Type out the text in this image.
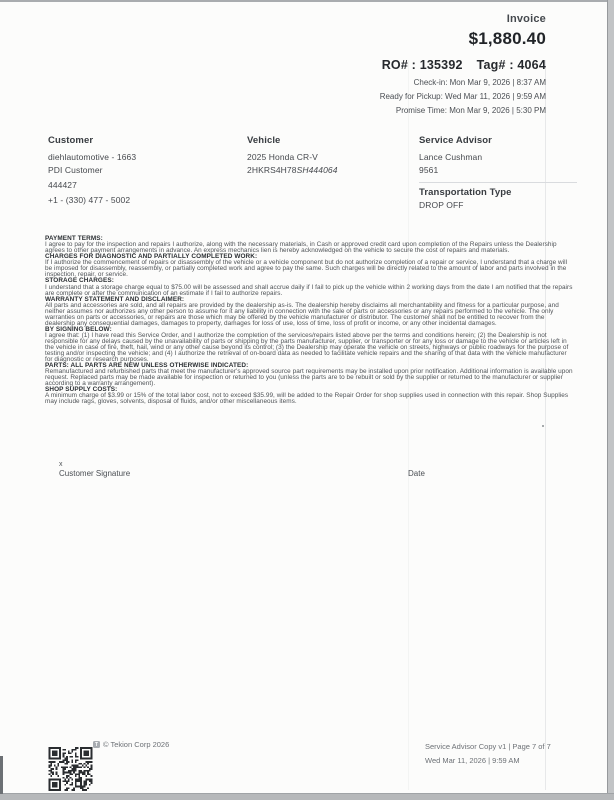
Invoice
$1,880.40
RO# : 135392 Tag# : 4064
Check-in: Mon Mar 9, 2026 | 8:37 AM
Ready for Pickup: Wed Mar 11, 2026 | 9:59 AM
Promise Time: Mon Mar 9, 2026 | 5:30 PM
Customer
diehlautomotive - 1663
PDI Customer
444427
+1 - (330) 477 - 5002
Vehicle
2025 Honda CR-V
2HKRS4H78SH444064
Service Advisor
Lance Cushman
9561
Transportation Type
DROP OFF
PAYMENT TERMS:
I agree to pay for the inspection and repairs I authorize, along with the necessary materials, in Cash or approved credit card upon completion of the Repairs unless the Dealership agrees to other payment arrangements in advance. An express mechanics lien is hereby acknowledged on the vehicle to secure the cost of repairs and materials.
CHARGES FOR DIAGNOSTIC AND PARTIALLY COMPLETED WORK:
If I authorize the commencement of repairs or disassembly of the vehicle or a vehicle component but do not authorize completion of a repair or service, I understand that a charge will be imposed for disassembly, reassembly, or partially completed work and agree to pay the same. Such charges will be directly related to the amount of labor and parts involved in the inspection, repair, or service.
STORAGE CHARGES:
I understand that a storage charge equal to $75.00 will be assessed and shall accrue daily if I fail to pick up the vehicle within 2 working days from the date I am notified that the repairs are complete or after the communication of an estimate if I fail to authorize repairs.
WARRANTY STATEMENT AND DISCLAIMER:
All parts and accessories are sold, and all repairs are provided by the dealership as-is. The dealership hereby disclaims all merchantability and fitness for a particular purpose, and neither assumes nor authorizes any other person to assume for it any liability in connection with the sale of parts or accessories or any repairs performed to the vehicle. The only warranties on parts or accessories, or repairs are those which may be offered by the vehicle manufacturer or distributor. The customer shall not be entitled to recover from the dealership any consequential damages, damages to property, damages for loss of use, loss of time, loss of profit or income, or any other incidental damages.
BY SIGNING BELOW:
I agree that: (1) I have read this Service Order, and I authorize the completion of the services/repairs listed above per the terms and conditions herein; (2) the Dealership is not responsible for any delays caused by the unavailability of parts or shipping by the parts manufacturer, supplier, or transporter or for any loss or damage to the vehicle or articles left in the vehicle in case of fire, theft, hail, wind or any other cause beyond its control; (3) the Dealership may operate the vehicle on streets, highways or public roadways for the purpose of testing and/or inspecting the vehicle; and (4) I authorize the retrieval of on-board data as needed to facilitate vehicle repairs and the sharing of that data with the vehicle manufacturer for diagnostic or research purposes.
PARTS: ALL PARTS ARE NEW UNLESS OTHERWISE INDICATED:
Remanufactured and refurbished parts that meet the manufacturer's approved source part requirements may be installed upon prior notification. Additional information is available upon request. Replaced parts may be made available for inspection or returned to you (unless the parts are to be rebuilt or sold by the supplier or returned to the manufacturer or supplier according to a warranty arrangement).
SHOP SUPPLY COSTS:
A minimum charge of $3.99 or 15% of the total labor cost, not to exceed $35.99, will be added to the Repair Order for shop supplies used in connection with this repair. Shop Supplies may include rags, gloves, solvents, disposal of fluids, and/or other miscellaneous items.
x
Customer Signature	Date
T © Tekion Corp 2026	Service Advisor Copy v1 | Page 7 of 7
Wed Mar 11, 2026 | 9:59 AM
